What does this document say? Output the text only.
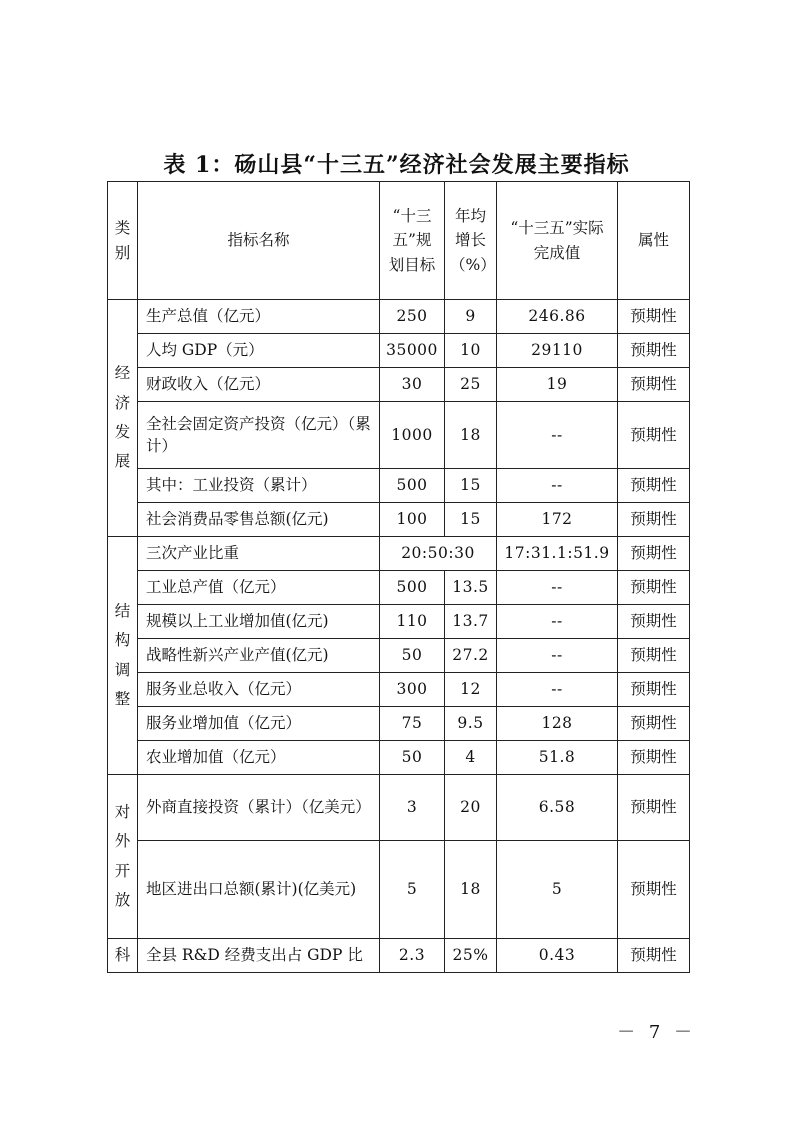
表 1：砀山县“十三五”经济社会发展主要指标
类别	指标名称	“十三五”规划目标	年均增长（%）	“十三五”实际完成值	属性
经济发展	生产总值（亿元）	250	9	246.86	预期性
	人均 GDP（元）	35000	10	29110	预期性
	财政收入（亿元）	30	25	19	预期性
	全社会固定资产投资（亿元）（累计）	1000	18	--	预期性
	其中：工业投资（累计）	500	15	--	预期性
	社会消费品零售总额(亿元)	100	15	172	预期性
结构调整	三次产业比重	20:50:30		17:31.1:51.9	预期性
	工业总产值（亿元）	500	13.5	--	预期性
	规模以上工业增加值(亿元)	110	13.7	--	预期性
	战略性新兴产业产值(亿元)	50	27.2	--	预期性
	服务业总收入（亿元）	300	12	--	预期性
	服务业增加值（亿元）	75	9.5	128	预期性
	农业增加值（亿元）	50	4	51.8	预期性
对外开放	外商直接投资（累计）（亿美元）	3	20	6.58	预期性
	地区进出口总额(累计)(亿美元)	5	18	5	预期性
科	全县 R&D 经费支出占 GDP 比	2.3	25%	0.43	预期性
－ 7 －
